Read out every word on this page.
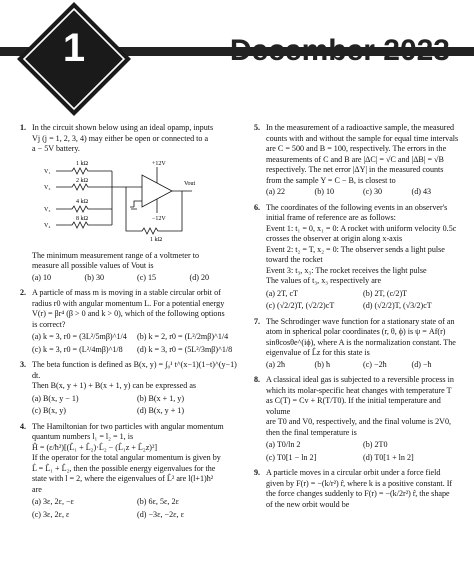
1	December 2023
1. In the circuit shown below using an ideal opamp, inputs
Vj (j = 1, 2, 3, 4) may either be open or connected to a
a − 5V battery.
+12V
−12V
Vout
1 kΩ
2 kΩ
4 kΩ
8 kΩ
1 kΩ
V₁
V₂
V₃
V₄
The minimum measurement range of a voltmeter to
measure all possible values of Vout is
(a) 10	(b) 30	(c) 15	(d) 20
2. A particle of mass m is moving in a stable circular orbit of
radius r0 with angular momentum L. For a potential energy
V(r) = βr⁴ (β > 0 and k > 0), which of the following options
is correct?
(a) k = 3, r0 = (3L²/5mβ)^1/4	(b) k = 2, r0 = (L²/2mβ)^1/4
(c) k = 3, r0 = (L²/4mβ)^1/8	(d) k = 3, r0 = (5L²/3mβ)^1/8
3. The beta function is defined as B(x, y) = ∫₀¹ t^(x−1)(1−t)^(y−1) dt.
Then B(x, y + 1) + B(x + 1, y) can be expressed as
(a) B(x, y − 1)	(b) B(x + 1, y)
(c) B(x, y)	(d) B(x, y + 1)
4. The Hamiltonian for two particles with angular momentum
quantum numbers l₁ = l₂ = 1, is
Ĥ = (ε/ħ²)[(L̂₁ + L̂₂)·L̂₂ − (L̂₁z + L̂₂z)²]
If the operator for the total angular momentum is given by
L̂ = L̂₁ + L̂₂, then the possible energy eigenvalues for the
state with l = 2, where the eigenvalues of L̂² are l(l+1)ħ²
are
(a) 3ε, 2ε, −ε	(b) 6ε, 5ε, 2ε
(c) 3ε, 2ε, ε	(d) −3ε, −2ε, ε
5. In the measurement of a radioactive sample, the measured
counts with and without the sample for equal time intervals
are C = 500 and B = 100, respectively. The errors in the
measurements of C and B are |ΔC| = √C and |ΔB| = √B
respectively. The net error |ΔY| in the measured counts
from the sample Y = C − B, is closest to
(a) 22	(b) 10	(c) 30	(d) 43
6. The coordinates of the following events in an observer's
initial frame of reference are as follows:
Event 1: t₁ = 0, x₁ = 0: A rocket with uniform velocity 0.5c
crosses the observer at origin along x-axis
Event 2: t₂ = T, x₂ = 0: The observer sends a light pulse
toward the rocket
Event 3: t₃, x₃: The rocket receives the light pulse
The values of t₃, x₃ respectively are
(a) 2T, cT	(b) 2T, (c/2)T
(c) (√2/2)T, (√2/2)cT	(d) (√2/2)T, (√3/2)cT
7. The Schrodinger wave function for a stationary state of an
atom in spherical polar coordinates (r, θ, ϕ) is ψ = Af(r)
sinθcosθe^(iϕ), where A is the normalization constant. The
eigenvalue of L̂z for this state is
(a) 2ħ	(b) ħ	(c) −2ħ	(d) −ħ
8. A classical ideal gas is subjected to a reversible process in
which its molar-specific heat changes with temperature T
as C(T) = Cv + R(T/T0). If the initial temperature and volume
are T0 and V0, respectively, and the final volume is 2V0,
then the final temperature is
(a) T0/ln 2	(b) 2T0
(c) T0[1 − ln 2]	(d) T0[1 + ln 2]
9. A particle moves in a circular orbit under a force field
given by F(r) = −(k/r²) r̂, where k is a positive constant. If
the force changes suddenly to F(r) = −(k/2r²) r̂, the shape
of the new orbit would be
